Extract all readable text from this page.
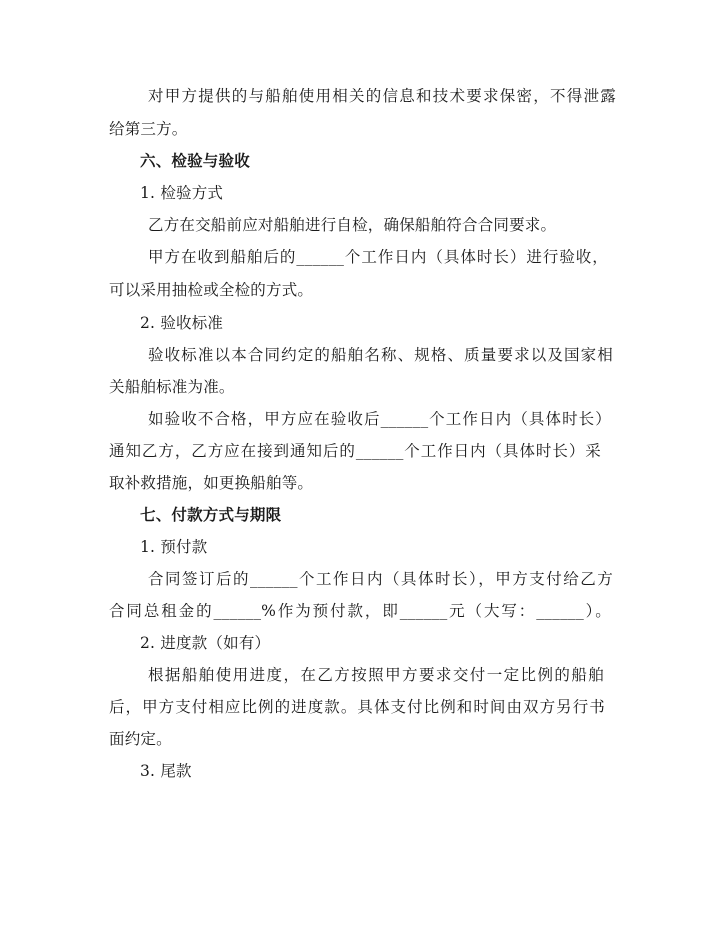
对甲方提供的与船舶使用相关的信息和技术要求保密，不得泄露
给第三方。
六、检验与验收
1. 检验方式
乙方在交船前应对船舶进行自检，确保船舶符合合同要求。
甲方在收到船舶后的______个工作日内（具体时长）进行验收，
可以采用抽检或全检的方式。
2. 验收标准
验收标准以本合同约定的船舶名称、规格、质量要求以及国家相
关船舶标准为准。
如验收不合格，甲方应在验收后______个工作日内（具体时长）
通知乙方，乙方应在接到通知后的______个工作日内（具体时长）采
取补救措施，如更换船舶等。
七、付款方式与期限
1. 预付款
合同签订后的______个工作日内（具体时长），甲方支付给乙方
合同总租金的______%作为预付款，即______元（大写：______）。
2. 进度款（如有）
根据船舶使用进度，在乙方按照甲方要求交付一定比例的船舶
后，甲方支付相应比例的进度款。具体支付比例和时间由双方另行书
面约定。
3. 尾款
